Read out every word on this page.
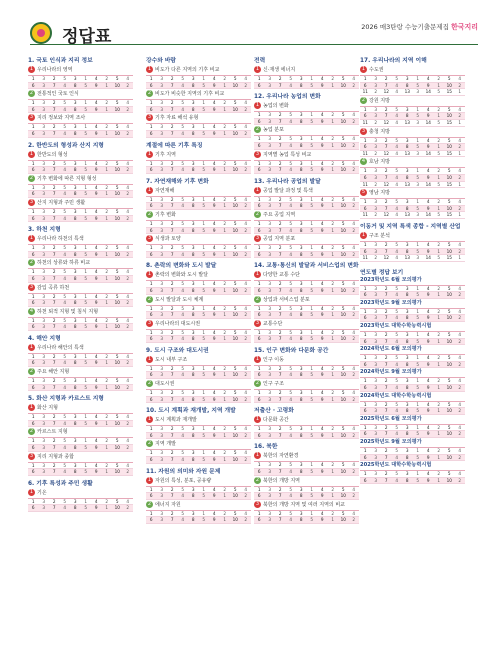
정답표	2026 매3탄랑 수능기출문제집 한국지리
1. 국토 인식과 지리 정보
1 우리나라의 영역
1	3	2	5	3	1	4	2	5	4
6	3	7	4	8	5	9	1	10	2
2 전통적인 국토 인식
1	3	2	5	3	1	4	2	5	4
6	3	7	4	8	5	9	1	10	2
3 지리 정보와 지역 조사
1	3	2	5	3	1	4	2	5	4
6	3	7	4	8	5	9	1	10	2
2. 한반도의 형성과 산지 지형
1 한반도의 형성
1	3	2	5	3	1	4	2	5	4
6	3	7	4	8	5	9	1	10	2
2 기후 변화에 따른 지형 형성
1	3	2	5	3	1	4	2	5	4
6	3	7	4	8	5	9	1	10	2
3 산지 지형과 주민 생활
1	3	2	5	3	1	4	2	5	4
6	3	7	4	8	5	9	1	10	2
3. 하천 지형
1 우리나라 하천의 특색
1	3	2	5	3	1	4	2	5	4
6	3	7	4	8	5	9	1	10	2
2 하천의 상류와 하류 비교
1	3	2	5	3	1	4	2	5	4
6	3	7	4	8	5	9	1	10	2
3 감입 곡류 하천
1	3	2	5	3	1	4	2	5	4
6	3	7	4	8	5	9	1	10	2
4 하천 퇴적 지형 및 침식 지형
1	3	2	5	3	1	4	2	5	4
6	3	7	4	8	5	9	1	10	2
4. 해안 지형
1 우리나라 해안의 특색
1	3	2	5	3	1	4	2	5	4
6	3	7	4	8	5	9	1	10	2
2 주요 해안 지형
1	3	2	5	3	1	4	2	5	4
6	3	7	4	8	5	9	1	10	2
5. 화산 지형과 카르스트 지형
1 화산 지형
1	3	2	5	3	1	4	2	5	4
6	3	7	4	8	5	9	1	10	2
2 카르스트 지형
1	3	2	5	3	1	4	2	5	4
6	3	7	4	8	5	9	1	10	2
3 지리 지형과 종합
1	3	2	5	3	1	4	2	5	4
6	3	7	4	8	5	9	1	10	2
6. 기후 특성과 주민 생활
1 기온
1	3	2	5	3	1	4	2	5	4
6	3	7	4	8	5	9	1	10	2
강수와 바람
1 비도가 다른 지역의 기후 비교
1	3	2	5	3	1	4	2	5	4
6	3	7	4	8	5	9	1	10	2
2 비도가 비슷한 지역의 기후 비교
1	3	2	5	3	1	4	2	5	4
6	3	7	4	8	5	9	1	10	2
3 기후 자료 해석 유형
1	3	2	5	3	1	4	2	5	4
6	3	7	4	8	5	9	1	10	2
계절에 따른 기후 특징
1 기후 지역
1	3	2	5	3	1	4	2	5	4
6	3	7	4	8	5	9	1	10	2
7. 자연재해와 기후 변화
1 자연재해
1	3	2	5	3	1	4	2	5	4
6	3	7	4	8	5	9	1	10	2
2 기후 변화
1	3	2	5	3	1	4	2	5	4
6	3	7	4	8	5	9	1	10	2
3 식생과 토양
1	3	2	5	3	1	4	2	5	4
6	3	7	4	8	5	9	1	10	2
8. 촌락의 변화와 도시 발달
1 촌락의 변화와 도시 발달
1	3	2	5	3	1	4	2	5	4
6	3	7	4	8	5	9	1	10	2
2 도시 발달과 도시 체계
1	3	2	5	3	1	4	2	5	4
6	3	7	4	8	5	9	1	10	2
3 우리나라의 대도시권
1	3	2	5	3	1	4	2	5	4
6	3	7	4	8	5	9	1	10	2
9. 도시 구조와 대도시권
1 도시 내부 구조
1	3	2	5	3	1	4	2	5	4
6	3	7	4	8	5	9	1	10	2
2 대도시권
1	3	2	5	3	1	4	2	5	4
6	3	7	4	8	5	9	1	10	2
10. 도시 계획과 재개발, 지역 개발
1 도시 계획과 재개발
1	3	2	5	3	1	4	2	5	4
6	3	7	4	8	5	9	1	10	2
2 지역 개발
1	3	2	5	3	1	4	2	5	4
6	3	7	4	8	5	9	1	10	2
11. 자원의 의미와 자원 문제
1 자원의 특성, 분포, 공유량
1	3	2	5	3	1	4	2	5	4
6	3	7	4	8	5	9	1	10	2
2 에너지 자원
1	3	2	5	3	1	4	2	5	4
6	3	7	4	8	5	9	1	10	2
전력
1 신·재생 에너지
1	3	2	5	3	1	4	2	5	4
6	3	7	4	8	5	9	1	10	2
12. 우리나라 농업의 변화
1 농업의 변화
1	3	2	5	3	1	4	2	5	4
6	3	7	4	8	5	9	1	10	2
2 농업 분포
1	3	2	5	3	1	4	2	5	4
6	3	7	4	8	5	9	1	10	2
3 지역별 농업 특성 비교
1	3	2	5	3	1	4	2	5	4
6	3	7	4	8	5	9	1	10	2
13. 우리나라 공업의 발달
1 공업 발달 과정 및 특색
1	3	2	5	3	1	4	2	5	4
6	3	7	4	8	5	9	1	10	2
2 주요 공업 지역
1	3	2	5	3	1	4	2	5	4
6	3	7	4	8	5	9	1	10	2
3 공업 지역 분포
1	3	2	5	3	1	4	2	5	4
6	3	7	4	8	5	9	1	10	2
14. 교통·통신의 발달과 서비스업의 변화
1 다양한 교통 수단
1	3	2	5	3	1	4	2	5	4
6	3	7	4	8	5	9	1	10	2
2 상업과 서비스업 분포
1	3	2	5	3	1	4	2	5	4
6	3	7	4	8	5	9	1	10	2
3 교통수단
1	3	2	5	3	1	4	2	5	4
6	3	7	4	8	5	9	1	10	2
15. 인구 변화와 다문화 공간
1 인구 이동
1	3	2	5	3	1	4	2	5	4
6	3	7	4	8	5	9	1	10	2
2 인구 구조
1	3	2	5	3	1	4	2	5	4
6	3	7	4	8	5	9	1	10	2
저출산 · 고령화
1 다문화 공간
1	3	2	5	3	1	4	2	5	4
6	3	7	4	8	5	9	1	10	2
16. 북한
1 북한의 자연환경
1	3	2	5	3	1	4	2	5	4
6	3	7	4	8	5	9	1	10	2
2 북한의 개방 지역
1	3	2	5	3	1	4	2	5	4
6	3	7	4	8	5	9	1	10	2
3 북한의 개방 지역 및 여러 지역의 비교
1	3	2	5	3	1	4	2	5	4
6	3	7	4	8	5	9	1	10	2
17. 우리나라의 지역 이해
1 수도권
1	3	2	5	3	1	4	2	5	4
6	3	7	4	8	5	9	1	10	2
11	2	12	4	13	3	14	5	15	1
2 강원 지방
1	3	2	5	3	1	4	2	5	4
6	3	7	4	8	5	9	1	10	2
11	2	12	4	13	3	14	5	15	1
3 충청 지방
1	3	2	5	3	1	4	2	5	4
6	3	7	4	8	5	9	1	10	2
11	2	12	4	13	3	14	5	15	1
4 호남 지방
1	3	2	5	3	1	4	2	5	4
6	3	7	4	8	5	9	1	10	2
11	2	12	4	13	3	14	5	15	1
5 영남 지방
1	3	2	5	3	1	4	2	5	4
6	3	7	4	8	5	9	1	10	2
11	2	12	4	13	3	14	5	15	1
이동거 및 지역 특색 종합 - 지역별 산업
1 구조 분석
1	3	2	5	3	1	4	2	5	4
6	3	7	4	8	5	9	1	10	2
11	2	12	4	13	3	14	5	15	1
연도별 정답 보기
2023학년도 6월 모의평가
1	3	2	5	3	1	4	2	5	4
6	3	7	4	8	5	9	1	10	2
2023학년도 9월 모의평가
1	3	2	5	3	1	4	2	5	4
6	3	7	4	8	5	9	1	10	2
2023학년도 대학수학능력시험
1	3	2	5	3	1	4	2	5	4
6	3	7	4	8	5	9	1	10	2
2024학년도 6월 모의평가
1	3	2	5	3	1	4	2	5	4
6	3	7	4	8	5	9	1	10	2
2024학년도 9월 모의평가
1	3	2	5	3	1	4	2	5	4
6	3	7	4	8	5	9	1	10	2
2024학년도 대학수학능력시험
1	3	2	5	3	1	4	2	5	4
6	3	7	4	8	5	9	1	10	2
2025학년도 6월 모의평가
1	3	2	5	3	1	4	2	5	4
6	3	7	4	8	5	9	1	10	2
2025학년도 9월 모의평가
1	3	2	5	3	1	4	2	5	4
6	3	7	4	8	5	9	1	10	2
2025학년도 대학수학능력시험
1	3	2	5	3	1	4	2	5	4
6	3	7	4	8	5	9	1	10	2
